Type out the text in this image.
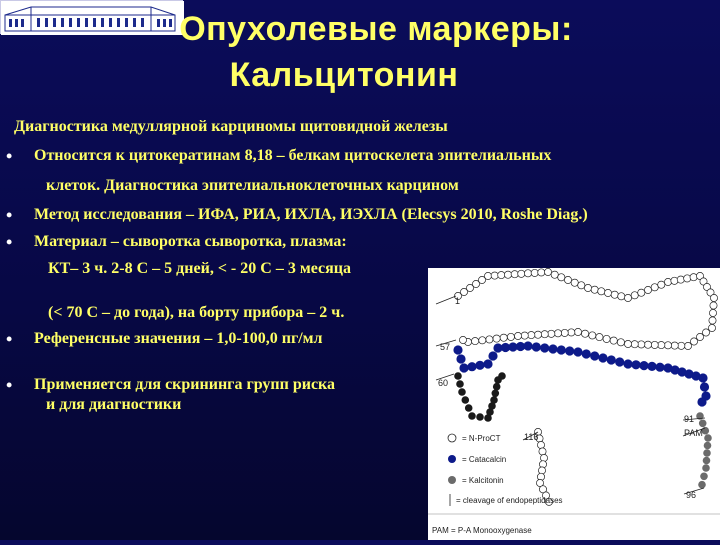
Опухолевые маркеры:
Кальцитонин
Диагностика медуллярной карциномы щитовидной железы
•	Относится к цитокератинам 8,18 – белкам цитоскелета эпителиальных
клеток. Диагностика эпителиальноклеточных карцином
•	Метод исследования – ИФА, РИА, ИХЛА, ИЭХЛА (Elecsys 2010, Roshe Diag.)
•	Материал – сыворотка сыворотка, плазма:
КТ– 3 ч. 2-8 С – 5 дней, < - 20 С – 3 месяца
(< 70 С – до года), на борту прибора – 2 ч.
•	Референсные значения – 1,0-100,0 пг/мл
•	Применяется для скрининга групп риска
и для диагностики
1
57
60
91
PAM
116
96
= N-ProCT
= Catacalcin
= Kalcitonin
= cleavage of endopeptidases
PAM = P-A Monooxygenase
